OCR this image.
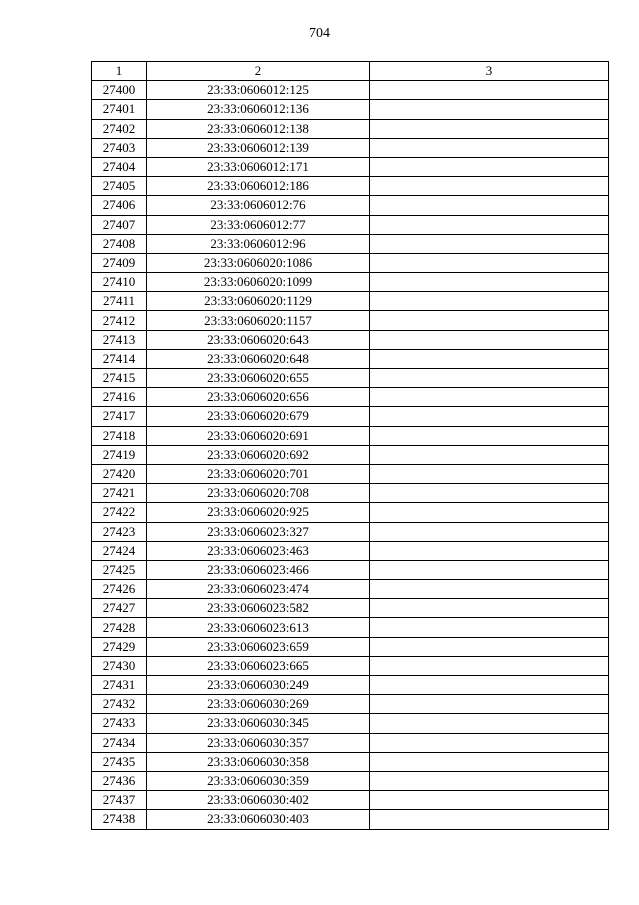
704
1	2	3
27400	23:33:0606012:125	
27401	23:33:0606012:136	
27402	23:33:0606012:138	
27403	23:33:0606012:139	
27404	23:33:0606012:171	
27405	23:33:0606012:186	
27406	23:33:0606012:76	
27407	23:33:0606012:77	
27408	23:33:0606012:96	
27409	23:33:0606020:1086	
27410	23:33:0606020:1099	
27411	23:33:0606020:1129	
27412	23:33:0606020:1157	
27413	23:33:0606020:643	
27414	23:33:0606020:648	
27415	23:33:0606020:655	
27416	23:33:0606020:656	
27417	23:33:0606020:679	
27418	23:33:0606020:691	
27419	23:33:0606020:692	
27420	23:33:0606020:701	
27421	23:33:0606020:708	
27422	23:33:0606020:925	
27423	23:33:0606023:327	
27424	23:33:0606023:463	
27425	23:33:0606023:466	
27426	23:33:0606023:474	
27427	23:33:0606023:582	
27428	23:33:0606023:613	
27429	23:33:0606023:659	
27430	23:33:0606023:665	
27431	23:33:0606030:249	
27432	23:33:0606030:269	
27433	23:33:0606030:345	
27434	23:33:0606030:357	
27435	23:33:0606030:358	
27436	23:33:0606030:359	
27437	23:33:0606030:402	
27438	23:33:0606030:403	
